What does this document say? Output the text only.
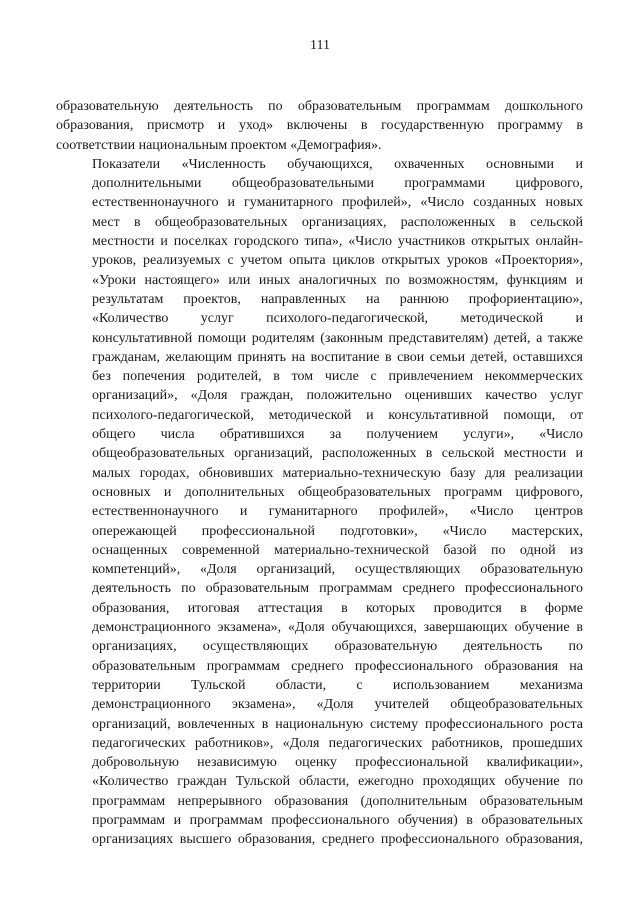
111

образовательную деятельность по образовательным программам дошкольного
образования, присмотр и уход» включены в государственную программу в
соответствии национальным проектом «Демография».

Показатели «Численность обучающихся, охваченных основными и
дополнительными общеобразовательными программами цифрового,
естественнонаучного и гуманитарного профилей», «Число созданных новых
мест в общеобразовательных организациях, расположенных в сельской
местности и поселках городского типа», «Число участников открытых онлайн-
уроков, реализуемых с учетом опыта циклов открытых уроков «Проектория»,
«Уроки настоящего» или иных аналогичных по возможностям, функциям и
результатам проектов, направленных на раннюю профориентацию»,
«Количество услуг психолого-педагогической, методической и
консультативной помощи родителям (законным представителям) детей, а также
гражданам, желающим принять на воспитание в свои семьи детей, оставшихся
без попечения родителей, в том числе с привлечением некоммерческих
организаций», «Доля граждан, положительно оценивших качество услуг
психолого-педагогической, методической и консультативной помощи, от
общего числа обратившихся за получением услуги», «Число
общеобразовательных организаций, расположенных в сельской местности и
малых городах, обновивших материально-техническую базу для реализации
основных и дополнительных общеобразовательных программ цифрового,
естественнонаучного и гуманитарного профилей», «Число центров
опережающей профессиональной подготовки», «Число мастерских,
оснащенных современной материально-технической базой по одной из
компетенций», «Доля организаций, осуществляющих образовательную
деятельность по образовательным программам среднего профессионального
образования, итоговая аттестация в которых проводится в форме
демонстрационного экзамена», «Доля обучающихся, завершающих обучение в
организациях, осуществляющих образовательную деятельность по
образовательным программам среднего профессионального образования на
территории Тульской области, с использованием механизма
демонстрационного экзамена», «Доля учителей общеобразовательных
организаций, вовлеченных в национальную систему профессионального роста
педагогических работников», «Доля педагогических работников, прошедших
добровольную независимую оценку профессиональной квалификации»,
«Количество граждан Тульской области, ежегодно проходящих обучение по
программам непрерывного образования (дополнительным образовательным
программам и программам профессионального обучения) в образовательных
организациях высшего образования, среднего профессионального образования,
